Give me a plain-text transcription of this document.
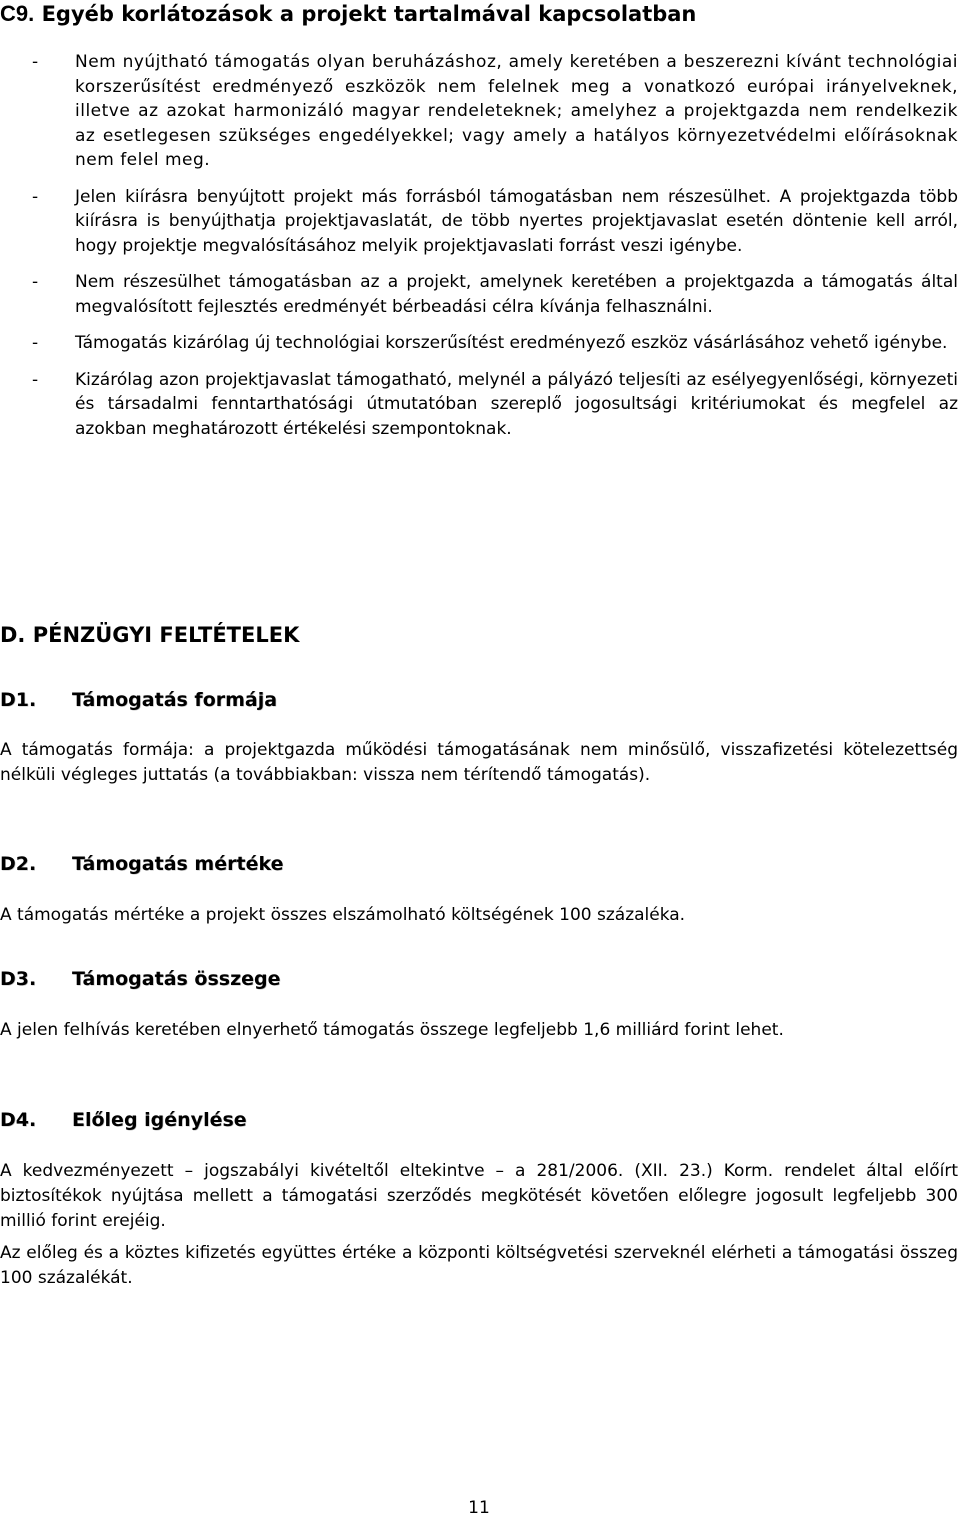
C9. Egyéb korlátozások a projekt tartalmával kapcsolatban
- Nem nyújtható támogatás olyan beruházáshoz, amely keretében a beszerezni kívánt technológiai korszerűsítést eredményező eszközök nem felelnek meg a vonatkozó európai irányelveknek, illetve az azokat harmonizáló magyar rendeleteknek; amelyhez a projektgazda nem rendelkezik az esetlegesen szükséges engedélyekkel; vagy amely a hatályos környezetvédelmi előírásoknak nem felel meg.
- Jelen kiírásra benyújtott projekt más forrásból támogatásban nem részesülhet. A projektgazda több kiírásra is benyújthatja projektjavaslatát, de több nyertes projektjavaslat esetén döntenie kell arról, hogy projektje megvalósításához melyik projektjavaslati forrást veszi igénybe.
- Nem részesülhet támogatásban az a projekt, amelynek keretében a projektgazda a támogatás által megvalósított fejlesztés eredményét bérbeadási célra kívánja felhasználni.
- Támogatás kizárólag új technológiai korszerűsítést eredményező eszköz vásárlásához vehető igénybe.
- Kizárólag azon projektjavaslat támogatható, melynél a pályázó teljesíti az esélyegyenlőségi, környezeti és társadalmi fenntarthatósági útmutatóban szereplő jogosultsági kritériumokat és megfelel az azokban meghatározott értékelési szempontoknak.
D. PÉNZÜGYI FELTÉTELEK
D1. Támogatás formája
A támogatás formája: a projektgazda működési támogatásának nem minősülő, visszafizetési kötelezettség nélküli végleges juttatás (a továbbiakban: vissza nem térítendő támogatás).
D2. Támogatás mértéke
A támogatás mértéke a projekt összes elszámolható költségének 100 százaléka.
D3. Támogatás összege
A jelen felhívás keretében elnyerhető támogatás összege legfeljebb 1,6 milliárd forint lehet.
D4. Előleg igénylése
A kedvezményezett – jogszabályi kivételtől eltekintve – a 281/2006. (XII. 23.) Korm. rendelet által előírt biztosítékok nyújtása mellett a támogatási szerződés megkötését követően előlegre jogosult legfeljebb 300 millió forint erejéig.
Az előleg és a köztes kifizetés együttes értéke a központi költségvetési szerveknél elérheti a támogatási összeg 100 százalékát.
11
